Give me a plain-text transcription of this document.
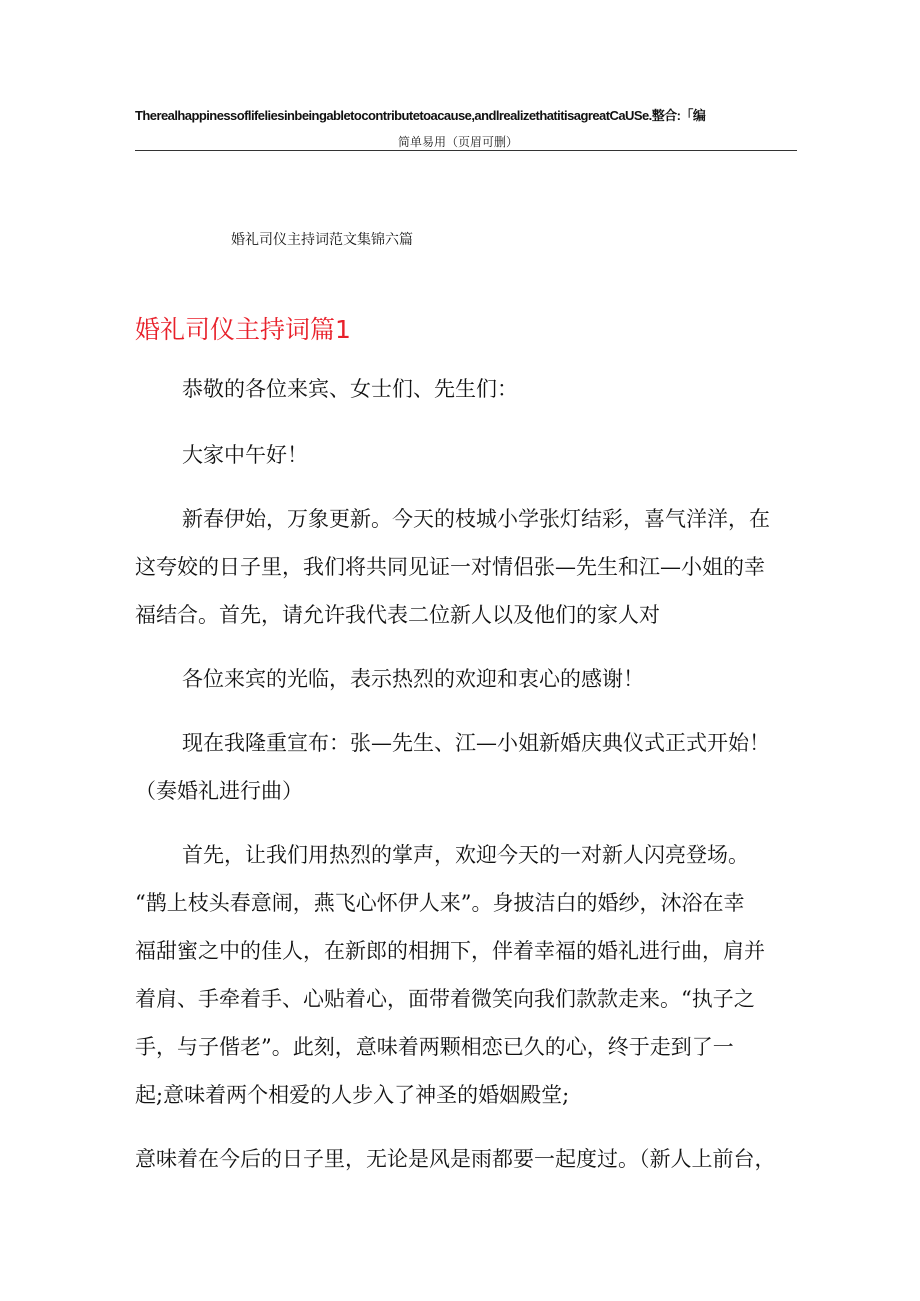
Therealhappinessoflifeliesinbeingabletocontributetoacause,andlrealizethatitisagreatCaUSe.整合:「编
简单易用（页眉可删）
婚礼司仪主持词范文集锦六篇
婚礼司仪主持词篇1
恭敬的各位来宾、女士们、先生们：
大家中午好！
新春伊始，万象更新。今天的枝城小学张灯结彩，喜气洋洋，在
这夸姣的日子里，我们将共同见证一对情侣张—先生和江—小姐的幸
福结合。首先，请允许我代表二位新人以及他们的家人对
各位来宾的光临，表示热烈的欢迎和衷心的感谢！
现在我隆重宣布：张—先生、江—小姐新婚庆典仪式正式开始！
（奏婚礼进行曲）
首先，让我们用热烈的掌声，欢迎今天的一对新人闪亮登场。
“鹊上枝头春意闹，燕飞心怀伊人来”。身披洁白的婚纱，沐浴在幸
福甜蜜之中的佳人，在新郎的相拥下，伴着幸福的婚礼进行曲，肩并
着肩、手牵着手、心贴着心，面带着微笑向我们款款走来。“执子之
手，与子偕老”。此刻，意味着两颗相恋已久的心，终于走到了一
起;意味着两个相爱的人步入了神圣的婚姻殿堂;
意味着在今后的日子里，无论是风是雨都要一起度过。（新人上前台，
